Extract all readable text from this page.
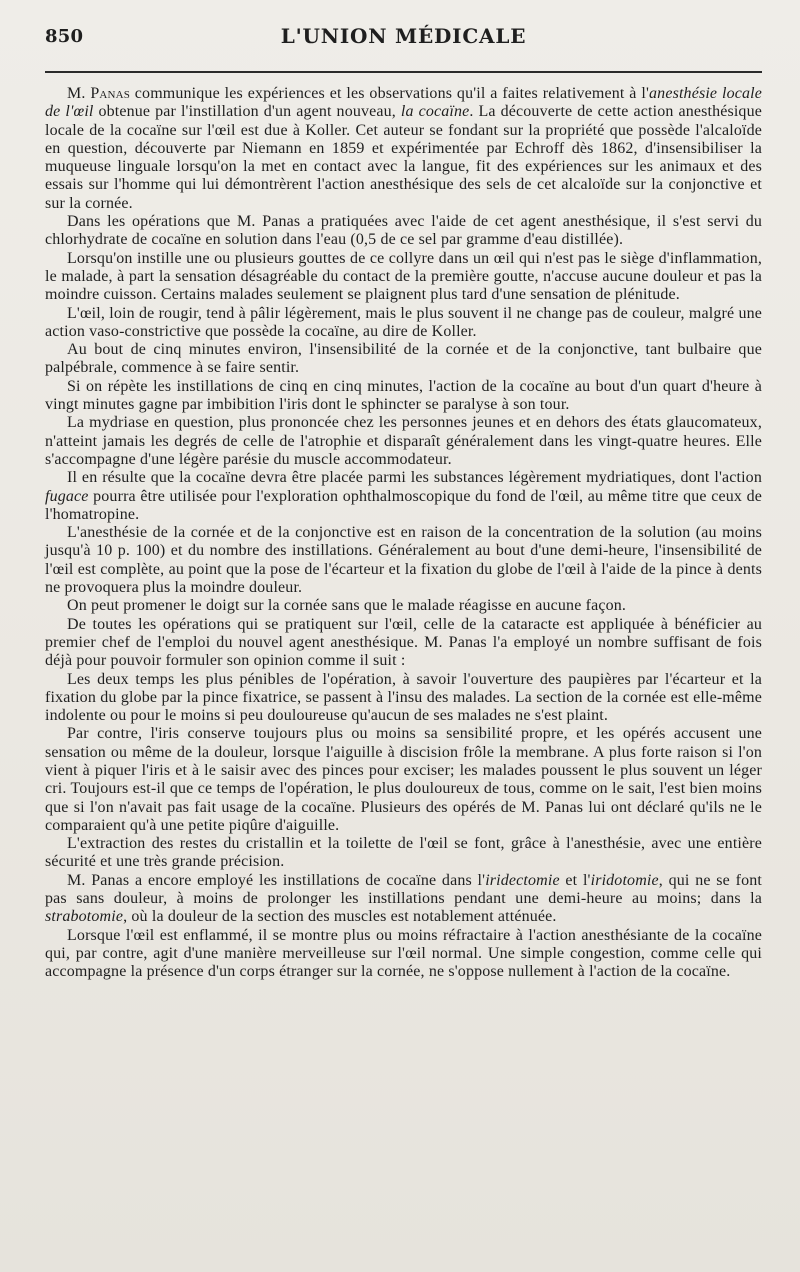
850	L'UNION MÉDICALE

M. Panas communique les expériences et les observations qu'il a faites relativement à l'anesthésie locale de l'œil obtenue par l'instillation d'un agent nouveau, la cocaïne. La découverte de cette action anesthésique locale de la cocaïne sur l'œil est due à Koller. Cet auteur se fondant sur la propriété que possède l'alcaloïde en question, découverte par Niemann en 1859 et expérimentée par Echroff dès 1862, d'insensibiliser la muqueuse linguale lorsqu'on la met en contact avec la langue, fit des expériences sur les animaux et des essais sur l'homme qui lui démontrèrent l'action anesthésique des sels de cet alcaloïde sur la conjonctive et sur la cornée.

Dans les opérations que M. Panas a pratiquées avec l'aide de cet agent anesthésique, il s'est servi du chlorhydrate de cocaïne en solution dans l'eau (0,5 de ce sel par gramme d'eau distillée).

Lorsqu'on instille une ou plusieurs gouttes de ce collyre dans un œil qui n'est pas le siège d'inflammation, le malade, à part la sensation désagréable du contact de la première goutte, n'accuse aucune douleur et pas la moindre cuisson. Certains malades seulement se plaignent plus tard d'une sensation de plénitude.

L'œil, loin de rougir, tend à pâlir légèrement, mais le plus souvent il ne change pas de couleur, malgré une action vaso-constrictive que possède la cocaïne, au dire de Koller.

Au bout de cinq minutes environ, l'insensibilité de la cornée et de la conjonctive, tant bulbaire que palpébrale, commence à se faire sentir.

Si on répète les instillations de cinq en cinq minutes, l'action de la cocaïne au bout d'un quart d'heure à vingt minutes gagne par imbibition l'iris dont le sphincter se paralyse à son tour.

La mydriase en question, plus prononcée chez les personnes jeunes et en dehors des états glaucomateux, n'atteint jamais les degrés de celle de l'atrophie et disparaît généralement dans les vingt-quatre heures. Elle s'accompagne d'une légère parésie du muscle accommodateur.

Il en résulte que la cocaïne devra être placée parmi les substances légèrement mydriatiques, dont l'action fugace pourra être utilisée pour l'exploration ophthalmoscopique du fond de l'œil, au même titre que ceux de l'homatropine.

L'anesthésie de la cornée et de la conjonctive est en raison de la concentration de la solution (au moins jusqu'à 10 p. 100) et du nombre des instillations. Généralement au bout d'une demi-heure, l'insensibilité de l'œil est complète, au point que la pose de l'écarteur et la fixation du globe de l'œil à l'aide de la pince à dents ne provoquera plus la moindre douleur.

On peut promener le doigt sur la cornée sans que le malade réagisse en aucune façon.

De toutes les opérations qui se pratiquent sur l'œil, celle de la cataracte est appliquée à bénéficier au premier chef de l'emploi du nouvel agent anesthésique. M. Panas l'a employé un nombre suffisant de fois déjà pour pouvoir formuler son opinion comme il suit :

Les deux temps les plus pénibles de l'opération, à savoir l'ouverture des paupières par l'écarteur et la fixation du globe par la pince fixatrice, se passent à l'insu des malades. La section de la cornée est elle-même indolente ou pour le moins si peu douloureuse qu'aucun de ses malades ne s'est plaint.

Par contre, l'iris conserve toujours plus ou moins sa sensibilité propre, et les opérés accusent une sensation ou même de la douleur, lorsque l'aiguille à discision frôle la membrane. A plus forte raison si l'on vient à piquer l'iris et à le saisir avec des pinces pour exciser; les malades poussent le plus souvent un léger cri. Toujours est-il que ce temps de l'opération, le plus douloureux de tous, comme on le sait, l'est bien moins que si l'on n'avait pas fait usage de la cocaïne. Plusieurs des opérés de M. Panas lui ont déclaré qu'ils ne le comparaient qu'à une petite piqûre d'aiguille.

L'extraction des restes du cristallin et la toilette de l'œil se font, grâce à l'anesthésie, avec une entière sécurité et une très grande précision.

M. Panas a encore employé les instillations de cocaïne dans l'iridectomie et l'iridotomie, qui ne se font pas sans douleur, à moins de prolonger les instillations pendant une demi-heure au moins; dans la strabotomie, où la douleur de la section des muscles est notablement atténuée.

Lorsque l'œil est enflammé, il se montre plus ou moins réfractaire à l'action anesthésiante de la cocaïne qui, par contre, agit d'une manière merveilleuse sur l'œil normal. Une simple congestion, comme celle qui accompagne la présence d'un corps étranger sur la cornée, ne s'oppose nullement à l'action de la cocaïne.
